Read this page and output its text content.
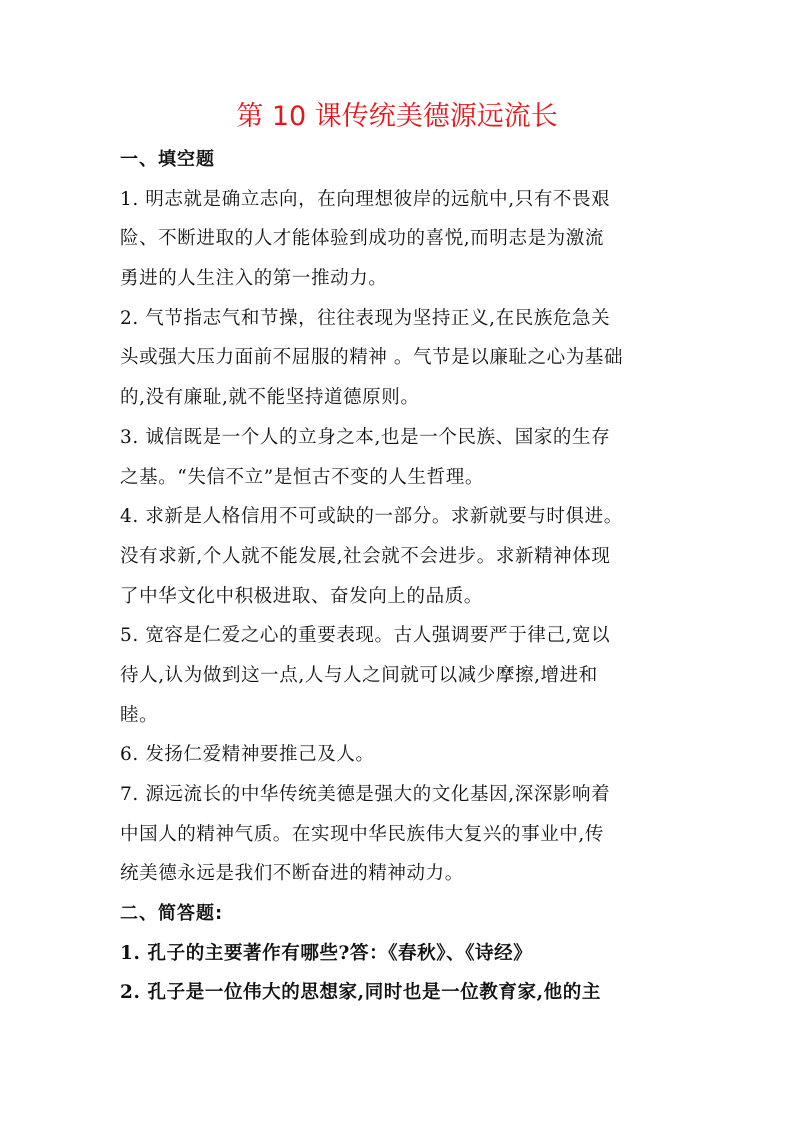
第 10 课传统美德源远流长
一、填空题
1. 明志就是确立志向，在向理想彼岸的远航中,只有不畏艰
险、不断进取的人才能体验到成功的喜悦,而明志是为激流
勇进的人生注入的第一推动力。
2. 气节指志气和节操，往往表现为坚持正义,在民族危急关
头或强大压力面前不屈服的精神 。气节是以廉耻之心为基础
的,没有廉耻,就不能坚持道德原则。
3. 诚信既是一个人的立身之本,也是一个民族、国家的生存
之基。“失信不立”是恒古不变的人生哲理。
4. 求新是人格信用不可或缺的一部分。求新就要与时俱进。
没有求新,个人就不能发展,社会就不会进步。求新精神体现
了中华文化中积极进取、奋发向上的品质。
5. 宽容是仁爱之心的重要表现。古人强调要严于律己,宽以
待人,认为做到这一点,人与人之间就可以减少摩擦,增进和
睦。
6. 发扬仁爱精神要推己及人。
7. 源远流长的中华传统美德是强大的文化基因,深深影响着
中国人的精神气质。在实现中华民族伟大复兴的事业中,传
统美德永远是我们不断奋进的精神动力。
二、简答题:
1. 孔子的主要著作有哪些?答：《春秋》、《诗经》
2. 孔子是一位伟大的思想家,同时也是一位教育家,他的主
